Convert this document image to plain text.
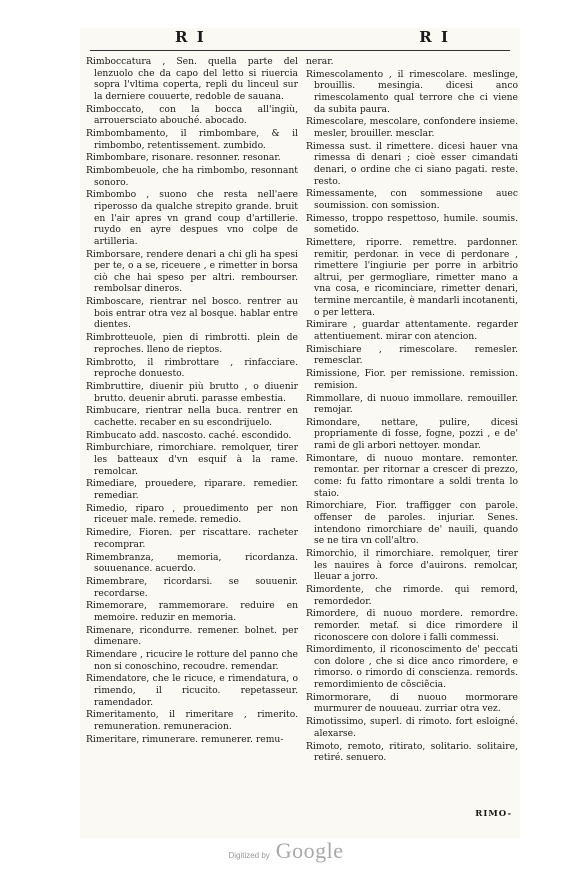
R I	R I

Rimboccatura , Sen. quella parte del lenzuolo che da capo del letto si riuercia sopra l'vltima coperta, repli du linceul sur la derniere couuerte, redoble de sauana.

Rimboccato, con la bocca all'ingiù, arrouersciato abouché. abocado.

Rimbombamento, il rimbombare, & il rimbombo, retentissement. zumbido.

Rimbombare, risonare. resonner. resonar.

Rimbombeuole, che ha rimbombo, resonnant sonoro.

Rimbombo , suono che resta nell'aere riperosso da qualche strepito grande. bruit en l'air apres vn grand coup d'artillerie. ruydo en ayre despues vno colpe de artilleria.

Rimborsare, rendere denari a chi gli ha spesi per te, o a se, riceuere , e rimetter in borsa ciò che hai speso per altri. rembourser. rembolsar dineros.

Rimboscare, rientrar nel bosco. rentrer au bois entrar otra vez al bosque. hablar entre dientes.

Rimbrotteuole, pien di rimbrotti. plein de reproches. lleno de rieptos.

Rimbrotto, il rimbrottare , rinfacciare. reproche donuesto.

Rimbruttire, diuenir più brutto , o diuenir brutto. deuenir abruti. parasse embestia.

Rimbucare, rientrar nella buca. rentrer en cachette. recaber en su escondrijuelo.

Rimbucato add. nascosto. caché. escondido.

Rimburchiare, rimorchiare. remolquer, tirer les batteaux d'vn esquif à la rame. remolcar.

Rimediare, prouedere, riparare. remedier. remediar.

Rimedio, riparo , prouedimento per non riceuer male. remede. remedio.

Rimedire, Fioren. per riscattare. racheter recomprar.

Rimembranza, memoria, ricordanza. souuenance. acuerdo.

Rimembrare, ricordarsi. se souuenir. recordarse.

Rimemorare, rammemorare. reduire en memoire. reduzir en memoria.

Rimenare, ricondurre. remener. bolnet. per dimenare.

Rimendare , ricucire le rotture del panno che non si conoschino, recoudre. remendar.

Rimendatore, che le ricuce, e rimendatura, o rimendo, il ricucito. repetasseur. ramendador.

Rimeritamento, il rimeritare , rimerito. remuneration. remuneracion.

Rimeritare, rimunerare. remunerer. remu-

nerar.

Rimescolamento , il rimescolare. meslinge, brouillis. mesingia. dicesi anco rimescolamento qual terrore che ci viene da subita paura.

Rimescolare, mescolare, confondere insieme. mesler, brouiller. mesclar.

Rimessa sust. il rimettere. dicesi hauer vna rimessa di denari ; cioè esser cimandati denari, o ordine che ci siano pagati. reste. resto.

Rimessamente, con sommessione auec soumission. con somission.

Rimesso, troppo respettoso, humile. soumis. sometido.

Rimettere, riporre. remettre. pardonner. remitir, perdonar. in vece di perdonare , rimettere l'ingiurie per porre in arbitrio altrui, per germogliare, rimetter mano a vna cosa, e ricominciare, rimetter denari, termine mercantile, è mandarli incotanenti, o per lettera.

Rimirare , guardar attentamente. regarder attentiuement. mirar con atencion.

Rimischiare , rimescolare. remesler. remesclar.

Rimissione, Fior. per remissione. remission. remision.

Rimmollare, di nuouo immollare. remouiller. remojar.

Rimondare, nettare, pulire, dicesi propriamente di fosse, fogne, pozzi , e de' rami de gli arbori nettoyer. mondar.

Rimontare, di nuouo montare. remonter. remontar. per ritornar a crescer di prezzo, come: fu fatto rimontare a soldi trenta lo staio.

Rimorchiare, Fior. traffigger con parole. offenser de paroles. injuriar. Senes. intendono rimorchiare de' nauili, quando se ne tira vn coll'altro.

Rimorchio, il rimorchiare. remolquer, tirer les nauires à force d'auirons. remolcar, lleuar a jorro.

Rimordente, che rimorde. qui remord, remordedor.

Rimordere, di nuouo mordere. remordre. remorder. metaf. si dice rimordere il riconoscere con dolore i falli commessi.

Rimordimento, il riconoscimento de' peccati con dolore , che si dice anco rimordere, e rimorso. o rimordo di conscienza. remords. remordimiento de cõsciẽcia.

Rimormorare, di nuouo mormorare murmurer de nouueau. zurriar otra vez.

Rimotissimo, superl. di rimoto. fort esloigné. alexarse.

Rimoto, remoto, ritirato, solitario. solitaire, retiré. senuero.

RIMO-
Digitized by Google
